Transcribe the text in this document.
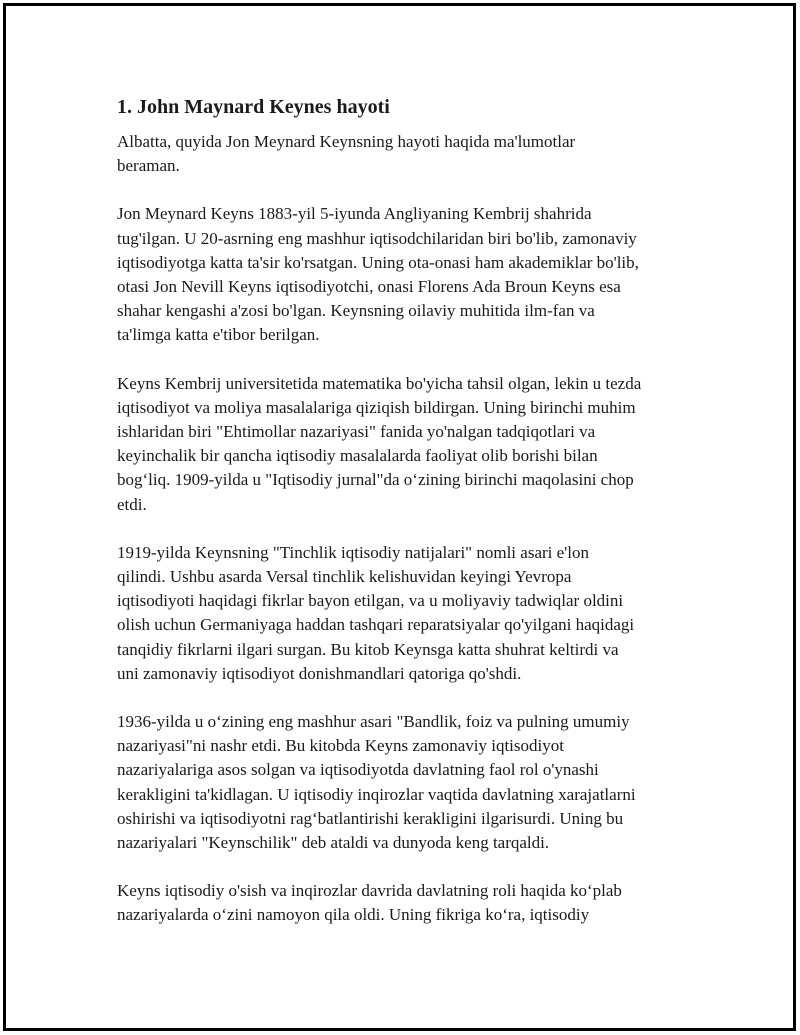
1. John Maynard Keynes hayoti

Albatta, quyida Jon Meynard Keynsning hayoti haqida ma'lumotlar
beraman.

Jon Meynard Keyns 1883-yil 5-iyunda Angliyaning Kembrij shahrida
tug'ilgan. U 20-asrning eng mashhur iqtisodchilaridan biri bo'lib, zamonaviy
iqtisodiyotga katta ta'sir ko'rsatgan. Uning ota-onasi ham akademiklar bo'lib,
otasi Jon Nevill Keyns iqtisodiyotchi, onasi Florens Ada Broun Keyns esa
shahar kengashi a'zosi bo'lgan. Keynsning oilaviy muhitida ilm-fan va
ta'limga katta e'tibor berilgan.

Keyns Kembrij universitetida matematika bo'yicha tahsil olgan, lekin u tezda
iqtisodiyot va moliya masalalariga qiziqish bildirgan. Uning birinchi muhim
ishlaridan biri "Ehtimollar nazariyasi" fanida yo'nalgan tadqiqotlari va
keyinchalik bir qancha iqtisodiy masalalarda faoliyat olib borishi bilan
bog‘liq. 1909-yilda u "Iqtisodiy jurnal"da o‘zining birinchi maqolasini chop
etdi.

1919-yilda Keynsning "Tinchlik iqtisodiy natijalari" nomli asari e'lon
qilindi. Ushbu asarda Versal tinchlik kelishuvidan keyingi Yevropa
iqtisodiyoti haqidagi fikrlar bayon etilgan, va u moliyaviy tadwiqlar oldini
olish uchun Germaniyaga haddan tashqari reparatsiyalar qo'yilgani haqidagi
tanqidiy fikrlarni ilgari surgan. Bu kitob Keynsga katta shuhrat keltirdi va
uni zamonaviy iqtisodiyot donishmandlari qatoriga qo'shdi.

1936-yilda u o‘zining eng mashhur asari "Bandlik, foiz va pulning umumiy
nazariyasi"ni nashr etdi. Bu kitobda Keyns zamonaviy iqtisodiyot
nazariyalariga asos solgan va iqtisodiyotda davlatning faol rol o'ynashi
kerakligini ta'kidlagan. U iqtisodiy inqirozlar vaqtida davlatning xarajatlarni
oshirishi va iqtisodiyotni rag‘batlantirishi kerakligini ilgarisurdi. Uning bu
nazariyalari "Keynschilik" deb ataldi va dunyoda keng tarqaldi.

Keyns iqtisodiy o'sish va inqirozlar davrida davlatning roli haqida ko‘plab
nazariyalarda o‘zini namoyon qila oldi. Uning fikriga ko‘ra, iqtisodiy
